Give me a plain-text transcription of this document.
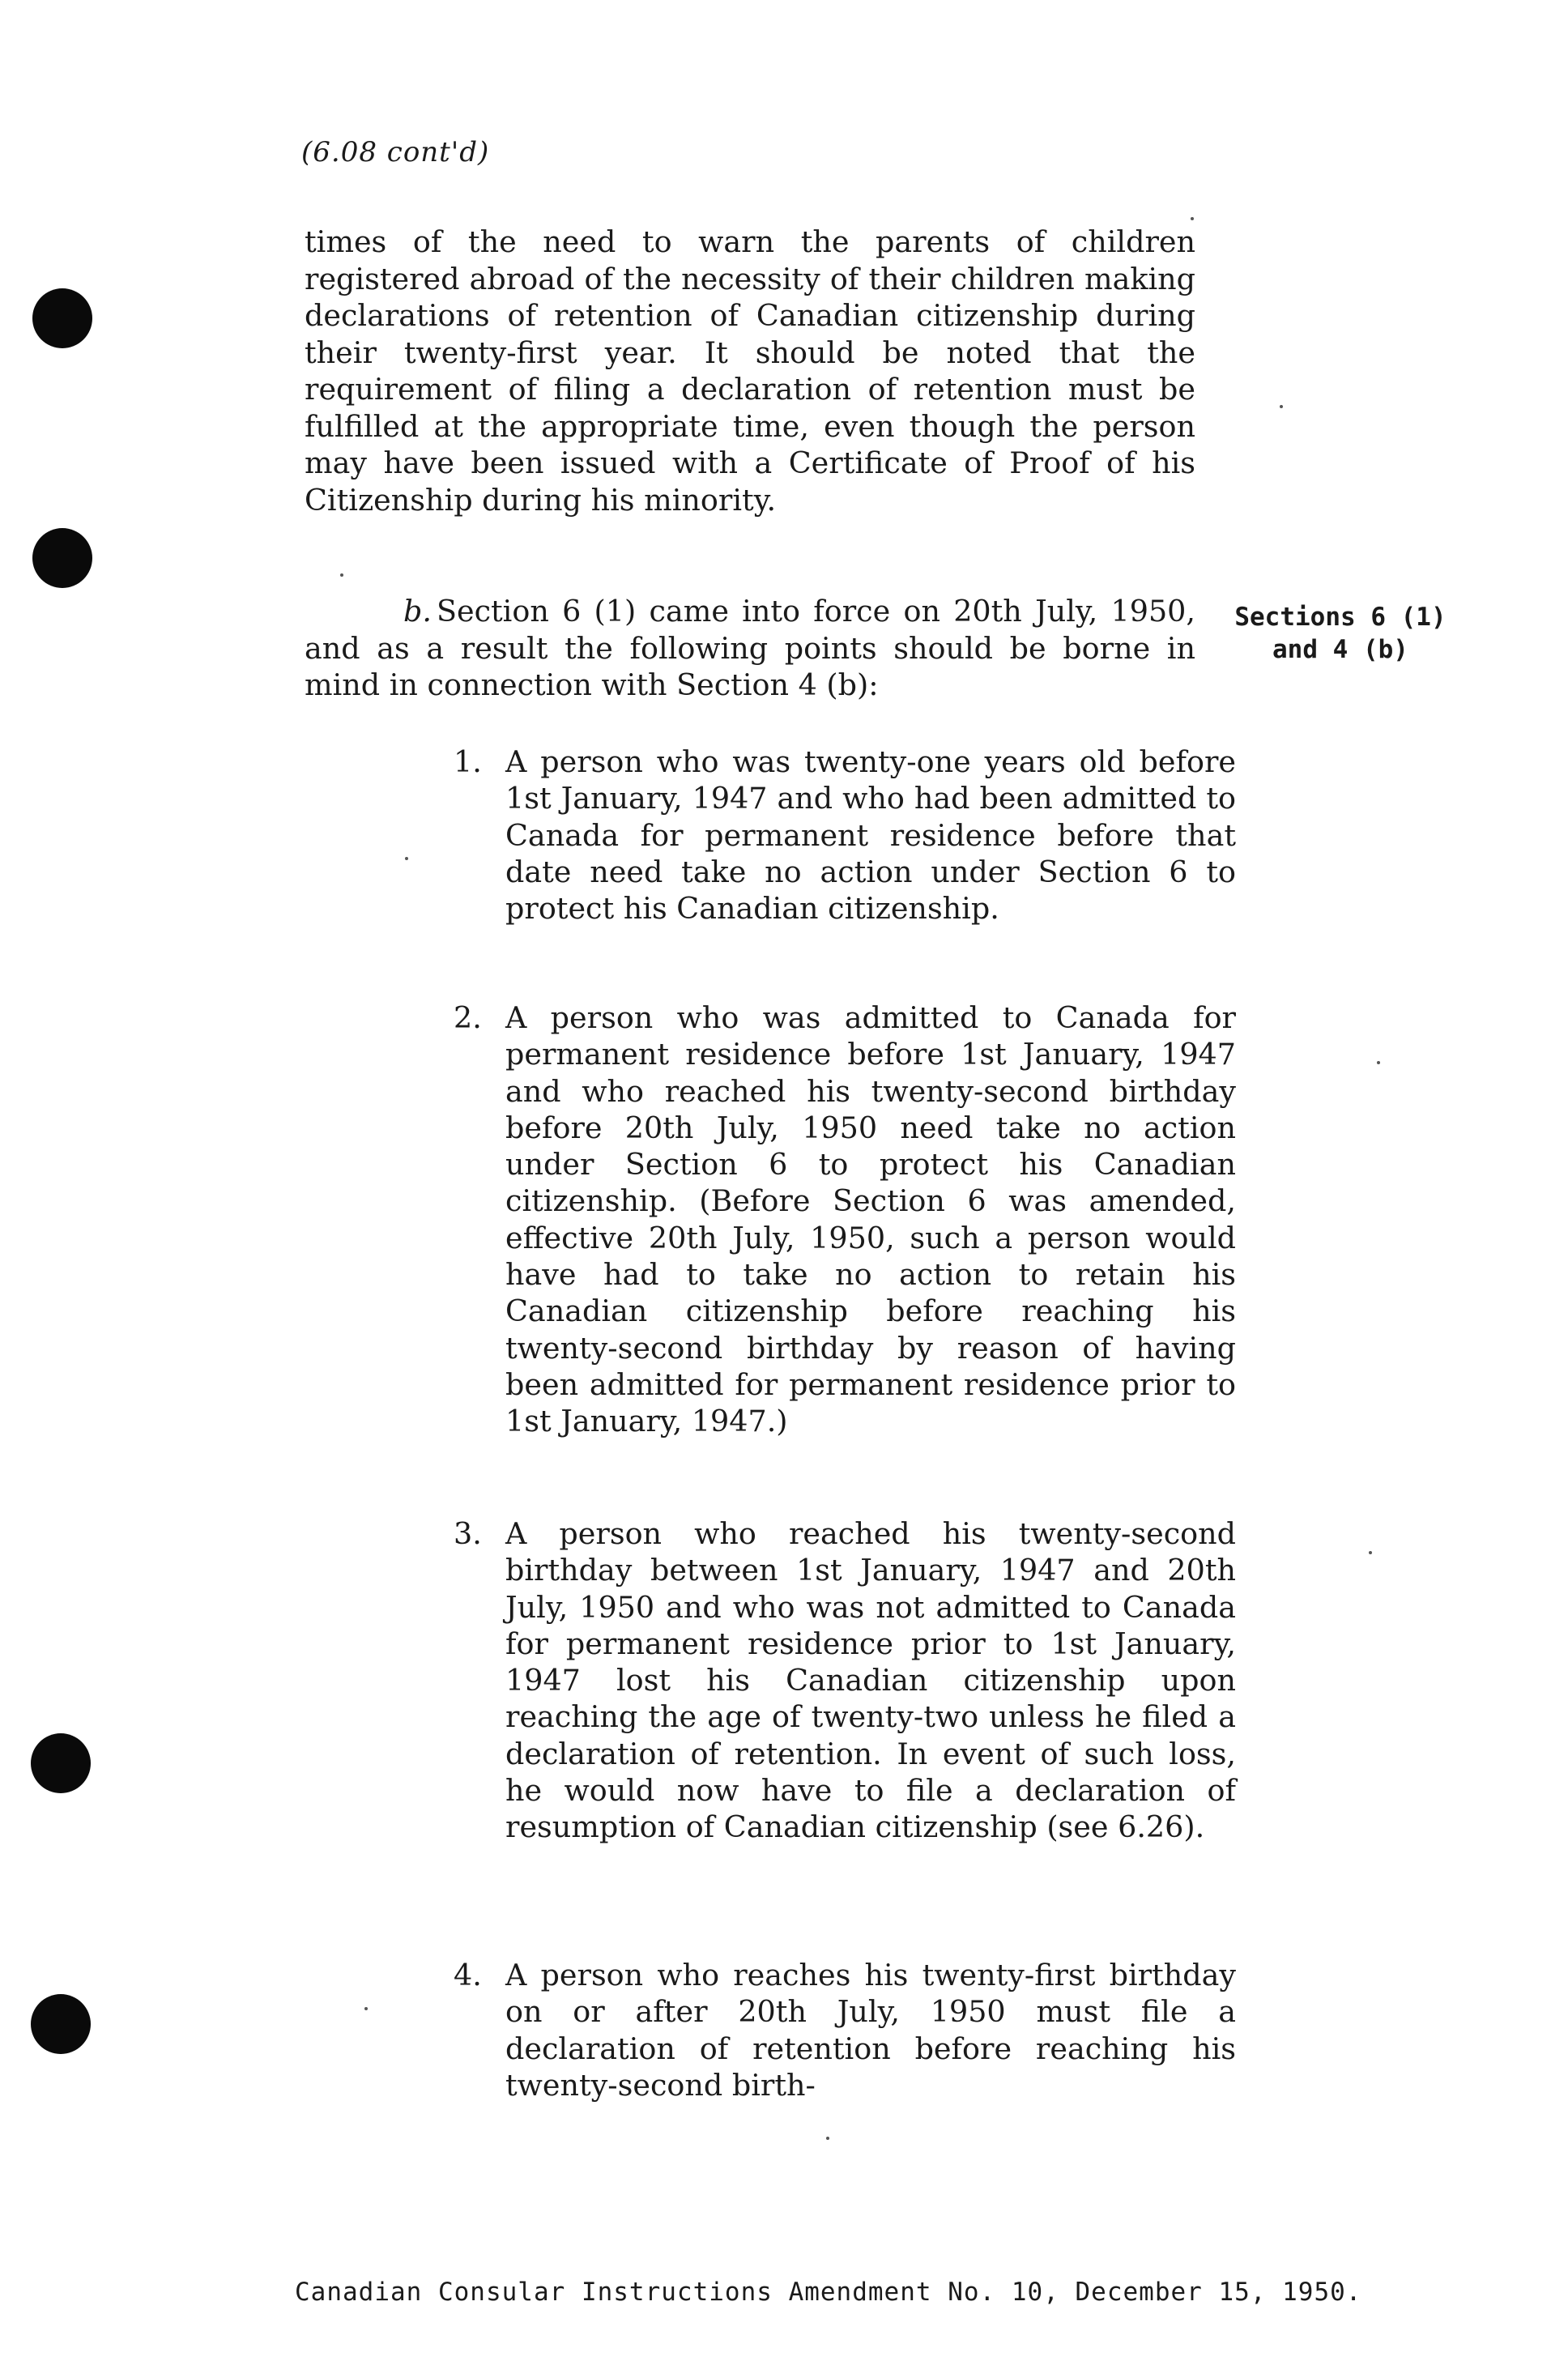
(6.08 cont'd)
times of the need to warn the parents of children registered abroad of the necessity of their children making declarations of retention of Canadian citizenship during their twenty-first year. It should be noted that the requirement of filing a declaration of retention must be fulfilled at the appropriate time, even though the person may have been issued with a Certificate of Proof of his Citizenship during his minority.
b. Section 6 (1) came into force on 20th July, 1950, and as a result the following points should be borne in mind in connection with Section 4 (b):
Sections 6 (1)
and 4 (b)
1. A person who was twenty-one years old before 1st January, 1947 and who had been admitted to Canada for permanent residence before that date need take no action under Section 6 to protect his Canadian citizenship.
2. A person who was admitted to Canada for permanent residence before 1st January, 1947 and who reached his twenty-second birthday before 20th July, 1950 need take no action under Section 6 to protect his Canadian citizenship. (Before Section 6 was amended, effective 20th July, 1950, such a person would have had to take no action to retain his Canadian citizenship before reaching his twenty-second birthday by reason of having been admitted for permanent residence prior to 1st January, 1947.)
3. A person who reached his twenty-second birthday between 1st January, 1947 and 20th July, 1950 and who was not admitted to Canada for permanent residence prior to 1st January, 1947 lost his Canadian citizenship upon reaching the age of twenty-two unless he filed a declaration of retention. In event of such loss, he would now have to file a declaration of resumption of Canadian citizenship (see 6.26).
4. A person who reaches his twenty-first birthday on or after 20th July, 1950 must file a declaration of retention before reaching his twenty-second birth-
Canadian Consular Instructions Amendment No. 10, December 15, 1950.
